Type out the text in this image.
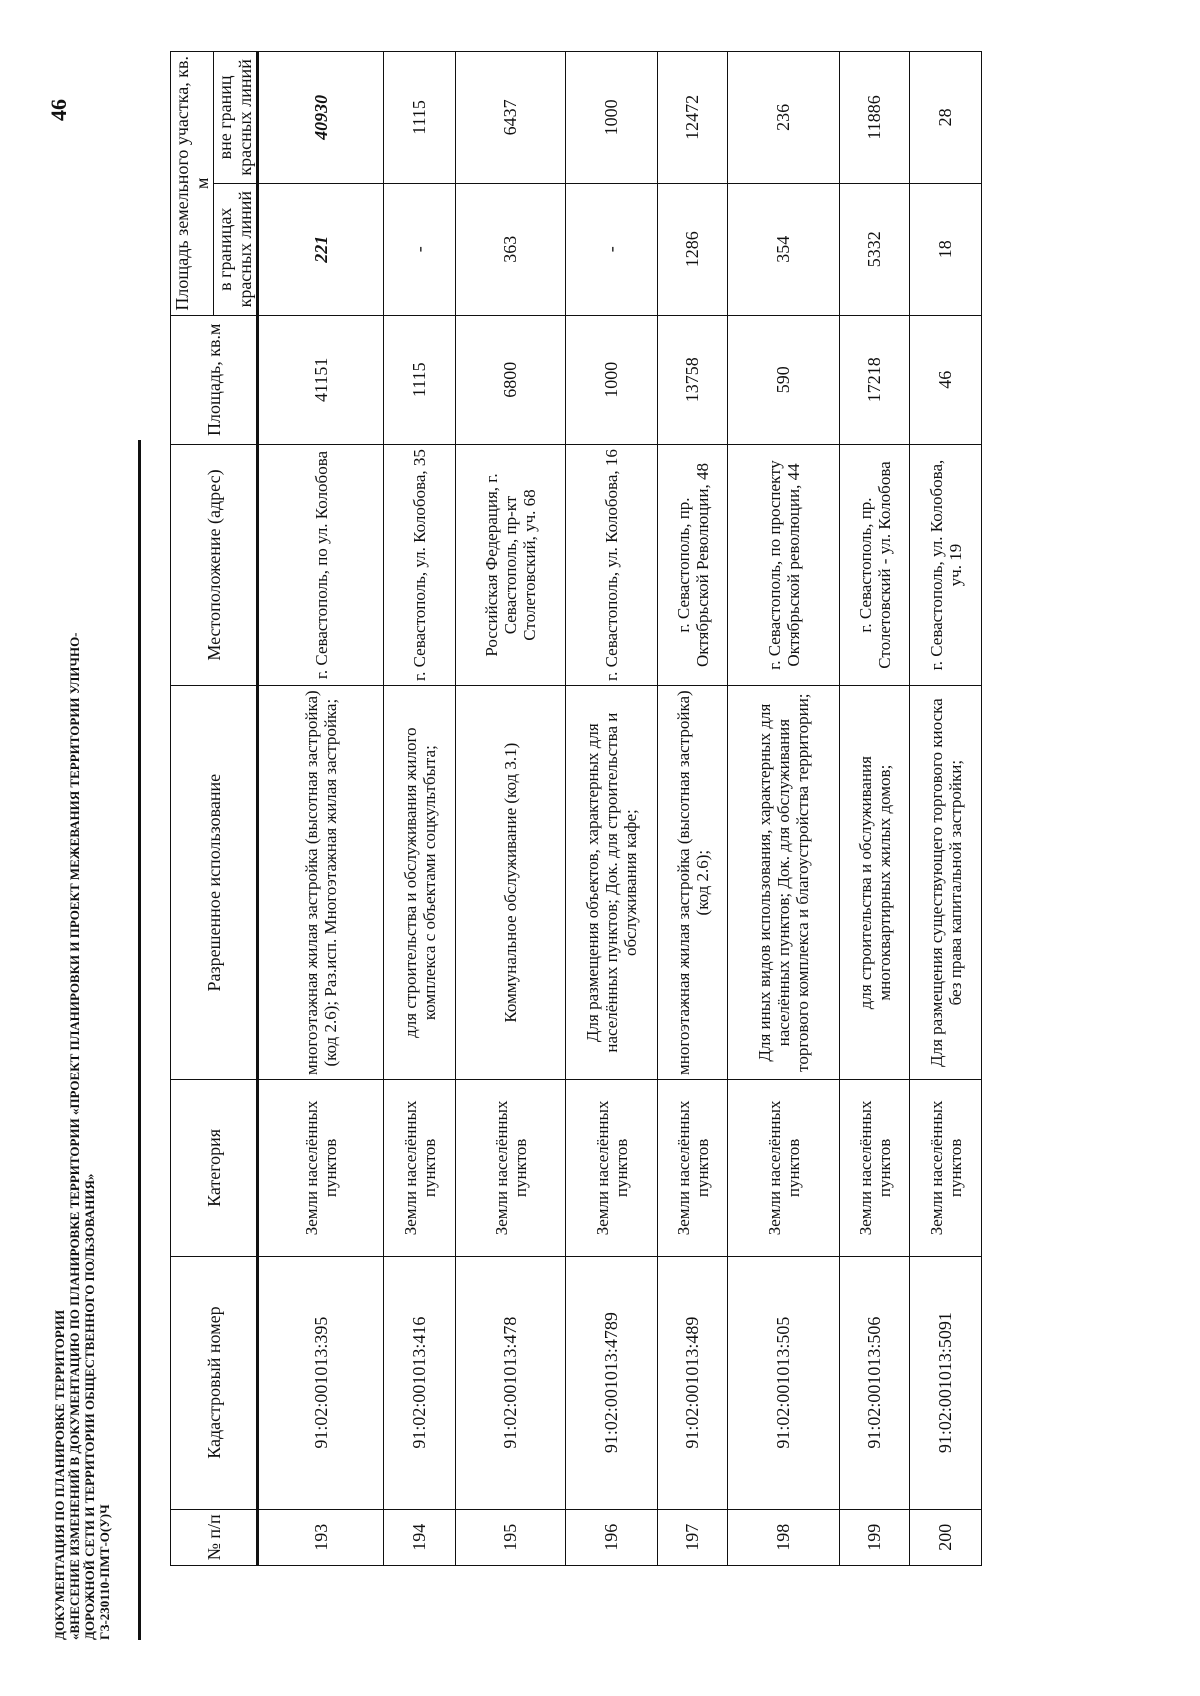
ДОКУМЕНТАЦИЯ ПО ПЛАНИРОВКЕ ТЕРРИТОРИИ «ВНЕСЕНИЕ ИЗМЕНЕНИЙ В ДОКУМЕНТАЦИЮ ПО ПЛАНИРОВКЕ ТЕРРИТОРИИ «ПРОЕКТ ПЛАНИРОВКИ И ПРОЕКТ МЕЖЕВАНИЯ ТЕРРИТОРИИ УЛИЧНО- ДОРОЖНОЙ СЕТИ И ТЕРРИТОРИИ ОБЩЕСТВЕННОГО ПОЛЬЗОВАНИЯ» ГЗ-230110-ПМТ-О(У)Ч
46
№ п/п	Кадастровый номер	Категория	Разрешенное использование	Местоположение (адрес)	Площадь, кв.м	Площадь земельного участка, кв. м	
						в границах красных линий	вне границ красных линий
193	91:02:001013:395	Земли населённых пунктов	многоэтажная жилая застройка (высотная застройка) (код 2.6); Раз.исп. Многоэтажная жилая застройка;	г. Севастополь, по ул. Колобова	41151	221	40930
194	91:02:001013:416	Земли населённых пунктов	для строительства и обслуживания жилого комплекса с объектами соцкультбыта;	г. Севастополь, ул. Колобова, 35	1115	-	1115
195	91:02:001013:478	Земли населённых пунктов	Коммунальное обслуживание (код 3.1)	Российская Федерация, г. Севастополь, пр-кт Столетовский, уч. 68	6800	363	6437
196	91:02:001013:4789	Земли населённых пунктов	Для размещения объектов, характерных для населённых пунктов; Док. для строительства и обслуживания кафе;	г. Севастополь, ул. Колобова, 16	1000	-	1000
197	91:02:001013:489	Земли населённых пунктов	многоэтажная жилая застройка (высотная застройка) (код 2.6);	г. Севастополь, пр. Октябрьской Революции, 48	13758	1286	12472
198	91:02:001013:505	Земли населённых пунктов	Для иных видов использования, характерных для населённых пунктов; Док. для обслуживания торгового комплекса и благоустройства территории;	г. Севастополь, по проспекту Октябрьской революции, 44	590	354	236
199	91:02:001013:506	Земли населённых пунктов	для строительства и обслуживания многоквартирных жилых домов;	г. Севастополь, пр. Столетовский - ул. Колобова	17218	5332	11886
200	91:02:001013:5091	Земли населённых пунктов	Для размещения существующего торгового киоска без права капитальной застройки;	г. Севастополь, ул. Колобова, уч. 19	46	18	28
